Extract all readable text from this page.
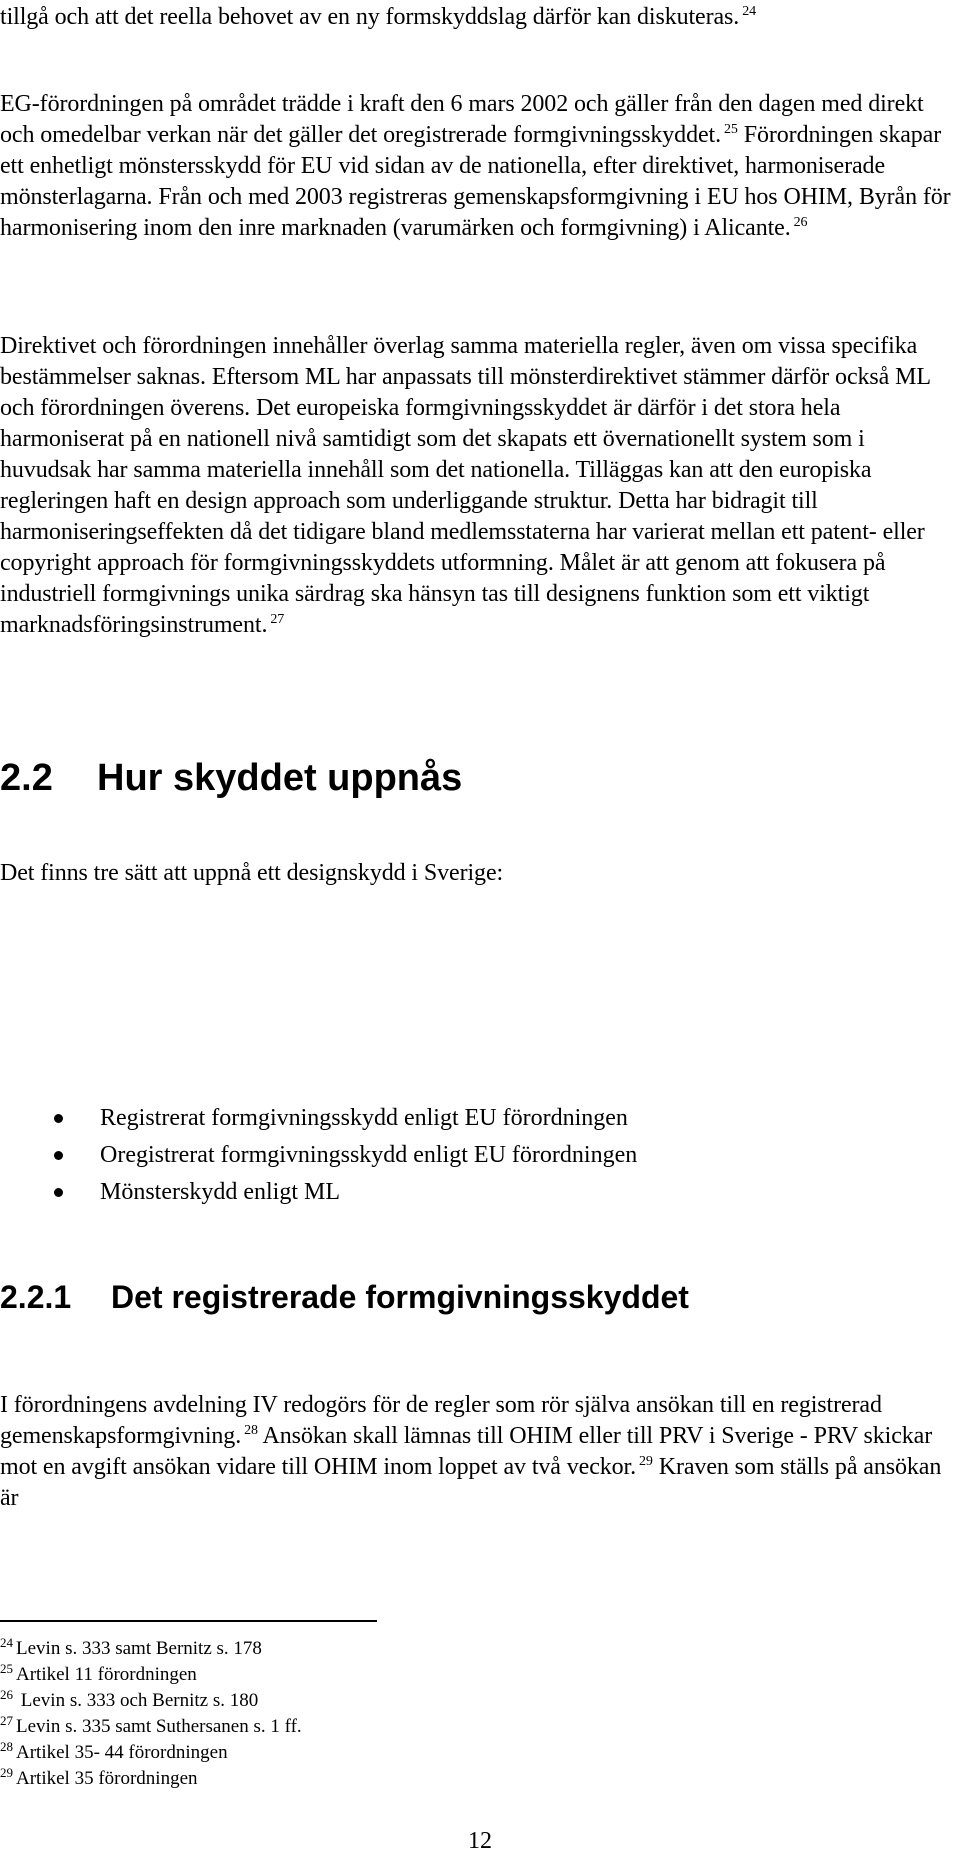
tillgå och att det reella behovet av en ny formskyddslag därför kan diskuteras. $^{24}$

EG-förordningen på området trädde i kraft den 6 mars 2002 och gäller från den dagen med direkt och omedelbar verkan när det gäller det oregistrerade formgivningsskyddet. $^{25}$ Förordningen skapar ett enhetligt mönstersskydd för EU vid sidan av de nationella, efter direktivet, harmoniserade mönsterlagarna. Från och med 2003 registreras gemenskapsformgivning i EU hos OHIM, Byrån för harmonisering inom den inre marknaden (varumärken och formgivning) i Alicante. $^{26}$

Direktivet och förordningen innehåller överlag samma materiella regler, även om vissa specifika bestämmelser saknas. Eftersom ML har anpassats till mönsterdirektivet stämmer därför också ML och förordningen överens. Det europeiska formgivningsskyddet är därför i det stora hela harmoniserat på en nationell nivå samtidigt som det skapats ett övernationellt system som i huvudsak har samma materiella innehåll som det nationella. Tilläggas kan att den europiska regleringen haft en design approach som underliggande struktur. Detta har bidragit till harmoniseringseffekten då det tidigare bland medlemsstaterna har varierat mellan ett patent- eller copyright approach för formgivningsskyddets utformning. Målet är att genom att fokusera på industriell formgivnings unika särdrag ska hänsyn tas till designens funktion som ett viktigt marknadsföringsinstrument. $^{27}$

2.2 Hur skyddet uppnås

Det finns tre sätt att uppnå ett designskydd i Sverige:

Registrerat formgivningsskydd enligt EU förordningen
Oregistrerat formgivningsskydd enligt EU förordningen
Mönsterskydd enligt ML
2.2.1 Det registrerade formgivningsskyddet

I förordningens avdelning IV redogörs för de regler som rör själva ansökan till en registrerad gemenskapsformgivning. $^{28}$ Ansökan skall lämnas till OHIM eller till PRV i Sverige - PRV skickar mot en avgift ansökan vidare till OHIM inom loppet av två veckor. $^{29}$ Kraven som ställs på ansökan är

$^{24}$ Levin s. 333 samt Bernitz s. 178
$^{25}$ Artikel 11 förordningen
$^{26}$ Levin s. 333 och Bernitz s. 180
$^{27}$ Levin s. 335 samt Suthersanen s. 1 ff.
$^{28}$ Artikel 35- 44 förordningen
$^{29}$ Artikel 35 förordningen
12
